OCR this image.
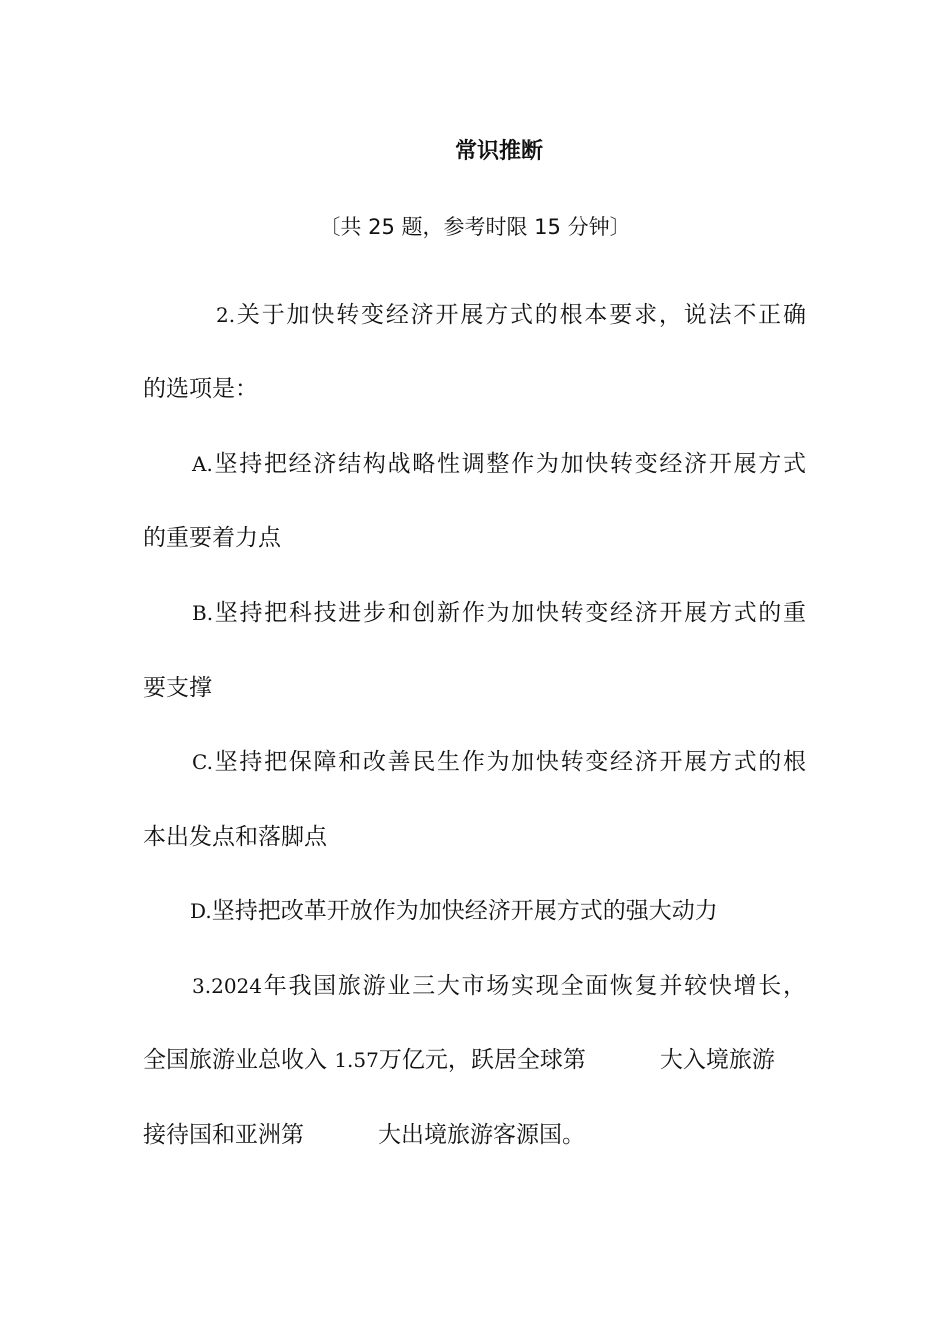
常识推断
〔共 25 题，参考时限 15 分钟〕
2.关于加快转变经济开展方式的根本要求，说法不正确
的选项是：
A.坚持把经济结构战略性调整作为加快转变经济开展方式
的重要着力点
B.坚持把科技进步和创新作为加快转变经济开展方式的重
要支撑
C.坚持把保障和改善民生作为加快转变经济开展方式的根
本出发点和落脚点
D.坚持把改革开放作为加快经济开展方式的强大动力
3.2024年我国旅游业三大市场实现全面恢复并较快增长，
全国旅游业总收入 1.57万亿元，跃居全球第	大入境旅游
接待国和亚洲第	大出境旅游客源国。
